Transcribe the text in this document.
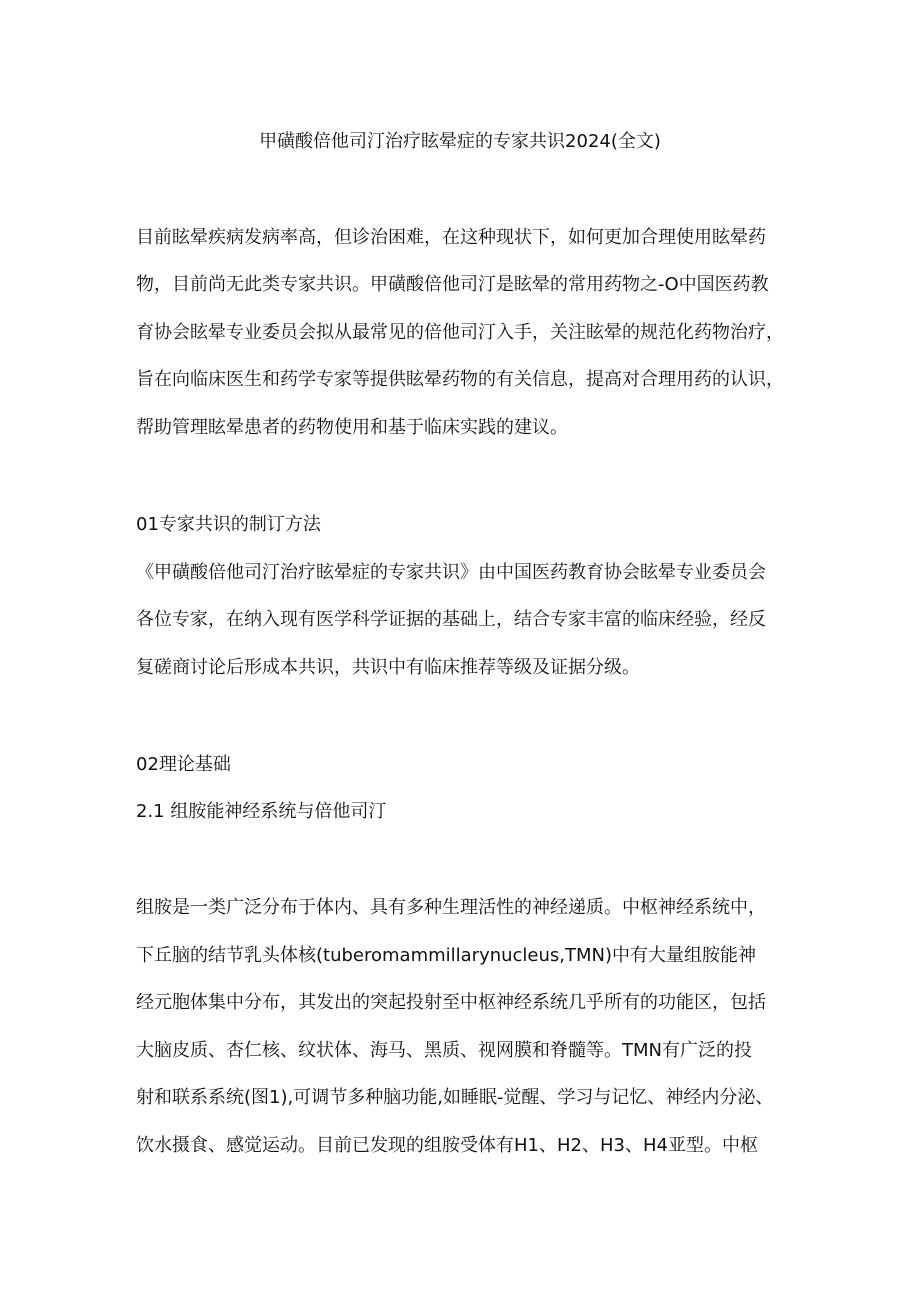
甲磺酸倍他司汀治疗眩晕症的专家共识2024(全文)

目前眩晕疾病发病率高，但诊治困难，在这种现状下，如何更加合理使用眩晕药

物，目前尚无此类专家共识。甲磺酸倍他司汀是眩晕的常用药物之-O中国医药教

育协会眩晕专业委员会拟从最常见的倍他司汀入手，关注眩晕的规范化药物治疗，

旨在向临床医生和药学专家等提供眩晕药物的有关信息，提高对合理用药的认识，

帮助管理眩晕患者的药物使用和基于临床实践的建议。

01专家共识的制订方法

《甲磺酸倍他司汀治疗眩晕症的专家共识》由中国医药教育协会眩晕专业委员会

各位专家，在纳入现有医学科学证据的基础上，结合专家丰富的临床经验，经反

复磋商讨论后形成本共识，共识中有临床推荐等级及证据分级。

02理论基础

2.1 组胺能神经系统与倍他司汀

组胺是一类广泛分布于体内、具有多种生理活性的神经递质。中枢神经系统中，

下丘脑的结节乳头体核(tuberomammillarynucleus,TMN)中有大量组胺能神

经元胞体集中分布，其发出的突起投射至中枢神经系统几乎所有的功能区，包括

大脑皮质、杏仁核、纹状体、海马、黑质、视网膜和脊髓等。TMN有广泛的投

射和联系系统(图1),可调节多种脑功能,如睡眠-觉醒、学习与记忆、神经内分泌、

饮水摄食、感觉运动。目前已发现的组胺受体有H1、H2、H3、H4亚型。中枢
